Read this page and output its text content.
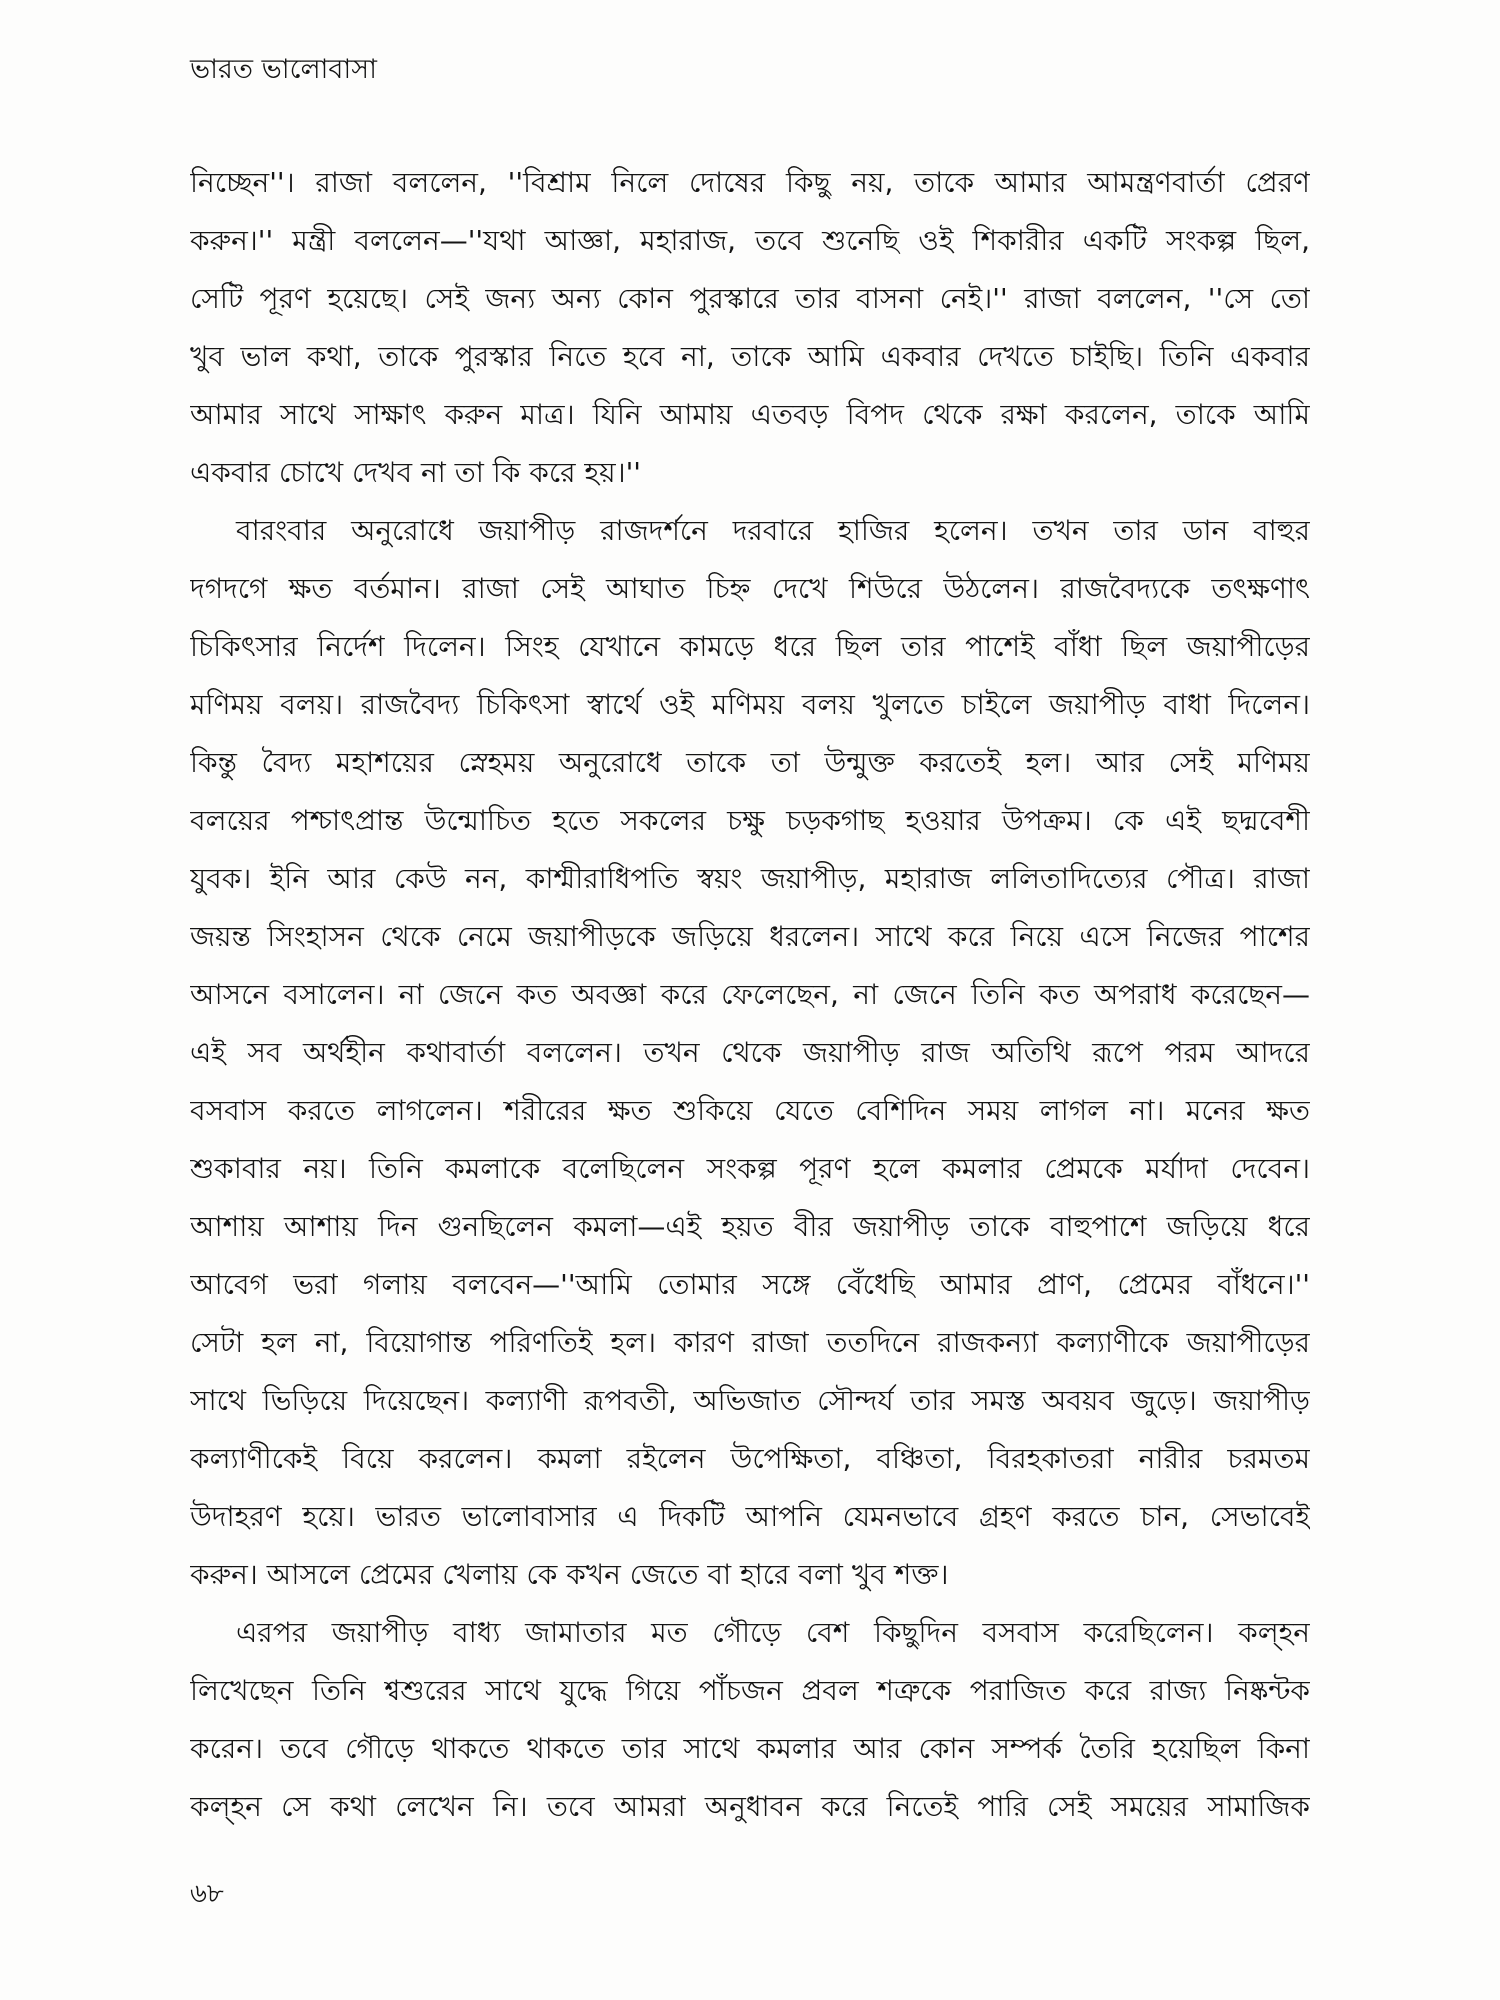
ভারত ভালোবাসা
নিচ্ছেন''। রাজা বললেন, ''বিশ্রাম নিলে দোষের কিছু নয়, তাকে আমার আমন্ত্রণবার্তা প্রেরণ
করুন।'' মন্ত্রী বললেন—''যথা আজ্ঞা, মহারাজ, তবে শুনেছি ওই শিকারীর একটি সংকল্প ছিল,
সেটি পূরণ হয়েছে। সেই জন্য অন্য কোন পুরস্কারে তার বাসনা নেই।'' রাজা বললেন, ''সে তো
খুব ভাল কথা, তাকে পুরস্কার নিতে হবে না, তাকে আমি একবার দেখতে চাইছি। তিনি একবার
আমার সাথে সাক্ষাৎ করুন মাত্র। যিনি আমায় এতবড় বিপদ থেকে রক্ষা করলেন, তাকে আমি
একবার চোখে দেখব না তা কি করে হয়।''
বারংবার অনুরোধে জয়াপীড় রাজদর্শনে দরবারে হাজির হলেন। তখন তার ডান বাহুর
দগদগে ক্ষত বর্তমান। রাজা সেই আঘাত চিহ্ন দেখে শিউরে উঠলেন। রাজবৈদ্যকে তৎক্ষণাৎ
চিকিৎসার নির্দেশ দিলেন। সিংহ যেখানে কামড়ে ধরে ছিল তার পাশেই বাঁধা ছিল জয়াপীড়ের
মণিময় বলয়। রাজবৈদ্য চিকিৎসা স্বার্থে ওই মণিময় বলয় খুলতে চাইলে জয়াপীড় বাধা দিলেন।
কিন্তু বৈদ্য মহাশয়ের স্নেহময় অনুরোধে তাকে তা উন্মুক্ত করতেই হল। আর সেই মণিময়
বলয়ের পশ্চাৎপ্রান্ত উন্মোচিত হতে সকলের চক্ষু চড়কগাছ হওয়ার উপক্রম। কে এই ছদ্মবেশী
যুবক। ইনি আর কেউ নন, কাশ্মীরাধিপতি স্বয়ং জয়াপীড়, মহারাজ ললিতাদিত্যের পৌত্র। রাজা
জয়ন্ত সিংহাসন থেকে নেমে জয়াপীড়কে জড়িয়ে ধরলেন। সাথে করে নিয়ে এসে নিজের পাশের
আসনে বসালেন। না জেনে কত অবজ্ঞা করে ফেলেছেন, না জেনে তিনি কত অপরাধ করেছেন—
এই সব অর্থহীন কথাবার্তা বললেন। তখন থেকে জয়াপীড় রাজ অতিথি রূপে পরম আদরে
বসবাস করতে লাগলেন। শরীরের ক্ষত শুকিয়ে যেতে বেশিদিন সময় লাগল না। মনের ক্ষত
শুকাবার নয়। তিনি কমলাকে বলেছিলেন সংকল্প পূরণ হলে কমলার প্রেমকে মর্যাদা দেবেন।
আশায় আশায় দিন গুনছিলেন কমলা—এই হয়ত বীর জয়াপীড় তাকে বাহুপাশে জড়িয়ে ধরে
আবেগ ভরা গলায় বলবেন—''আমি তোমার সঙ্গে বেঁধেছি আমার প্রাণ, প্রেমের বাঁধনে।''
সেটা হল না, বিয়োগান্ত পরিণতিই হল। কারণ রাজা ততদিনে রাজকন্যা কল্যাণীকে জয়াপীড়ের
সাথে ভিড়িয়ে দিয়েছেন। কল্যাণী রূপবতী, অভিজাত সৌন্দর্য তার সমস্ত অবয়ব জুড়ে। জয়াপীড়
কল্যাণীকেই বিয়ে করলেন। কমলা রইলেন উপেক্ষিতা, বঞ্চিতা, বিরহকাতরা নারীর চরমতম
উদাহরণ হয়ে। ভারত ভালোবাসার এ দিকটি আপনি যেমনভাবে গ্রহণ করতে চান, সেভাবেই
করুন। আসলে প্রেমের খেলায় কে কখন জেতে বা হারে বলা খুব শক্ত।
এরপর জয়াপীড় বাধ্য জামাতার মত গৌড়ে বেশ কিছুদিন বসবাস করেছিলেন। কল্‌হন
লিখেছেন তিনি শ্বশুরের সাথে যুদ্ধে গিয়ে পাঁচজন প্রবল শত্রুকে পরাজিত করে রাজ্য নিষ্কন্টক
করেন। তবে গৌড়ে থাকতে থাকতে তার সাথে কমলার আর কোন সম্পর্ক তৈরি হয়েছিল কিনা
কল্‌হন সে কথা লেখেন নি। তবে আমরা অনুধাবন করে নিতেই পারি সেই সময়ের সামাজিক
৬৮
